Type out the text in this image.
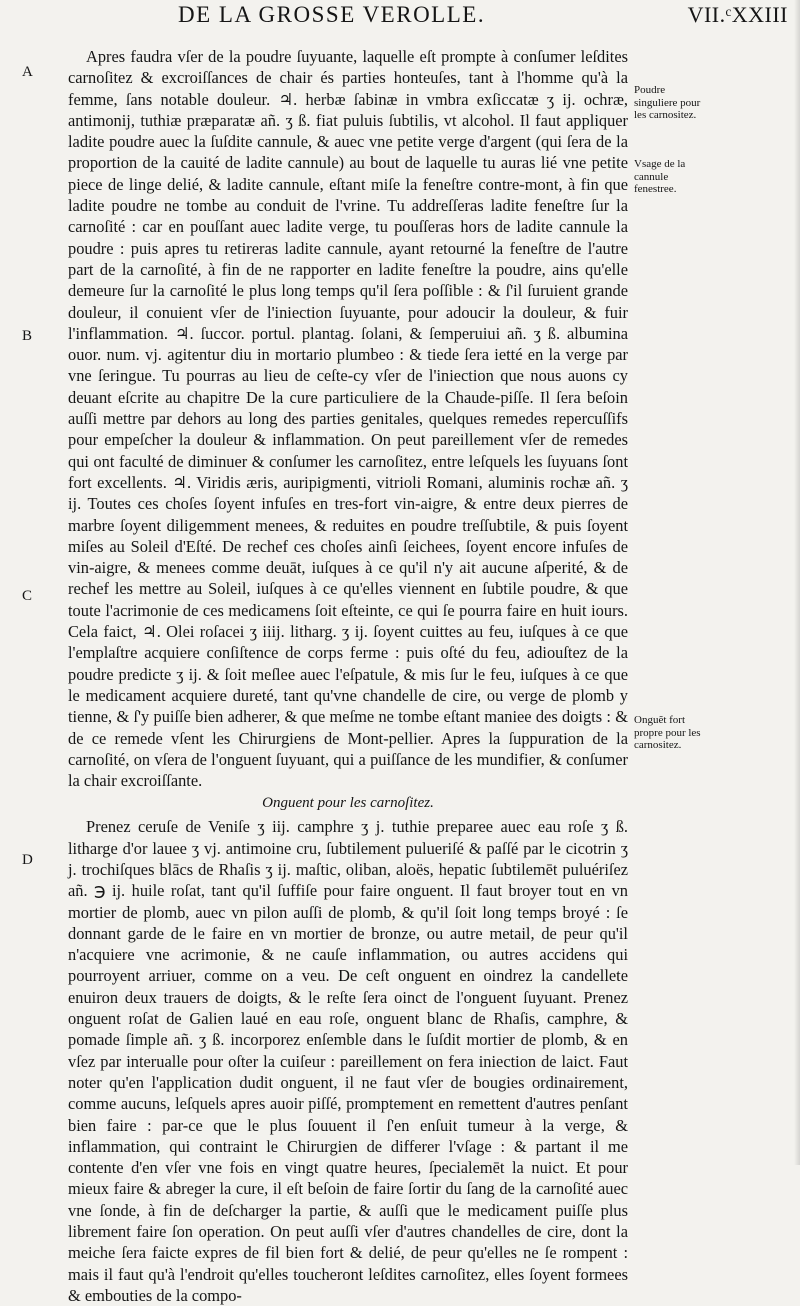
DE LA GROSSE VEROLLE.	VII.ᶜXXIII
A
B
C
D
Poudre singuliere pour les carnositez.
Vsage de la cannule fenestree.
Onguẽt fort propre pour les carnositez.

Apres faudra vſer de la poudre ſuyuante, laquelle eſt prompte à conſumer leſdites carnoſitez & excroiſſances de chair és parties honteuſes, tant à l'homme qu'à la femme, ſans notable douleur. ♃. herbæ ſabinæ in vmbra exſiccatæ ʒ ij. ochræ, antimonij, tuthiæ præparatæ añ. ʒ ß. fiat puluis ſubtilis, vt alcohol. Il faut appliquer ladite poudre auec la ſuſdite cannule, & auec vne petite verge d'argent (qui ſera de la proportion de la cauité de ladite cannule) au bout de laquelle tu auras lié vne petite piece de linge delié, & ladite cannule, eſtant miſe la feneſtre contre-mont, à fin que ladite poudre ne tombe au conduit de l'vrine. Tu addreſſeras ladite feneſtre ſur la carnoſité : car en pouſſant auec ladite verge, tu pouſſeras hors de ladite cannule la poudre : puis apres tu retireras ladite cannule, ayant retourné la feneſtre de l'autre part de la carnoſité, à fin de ne rapporter en ladite feneſtre la poudre, ains qu'elle demeure ſur la carnoſité le plus long temps qu'il ſera poſſible : & ſ'il ſuruient grande douleur, il conuient vſer de l'iniection ſuyuante, pour adoucir la douleur, & fuir l'inflammation. ♃. ſuccor. portul. plantag. ſolani, & ſemperuiui añ. ʒ ß. albumina ouor. num. vj. agitentur diu in mortario plumbeo : & tiede ſera ietté en la verge par vne ſeringue. Tu pourras au lieu de ceſte-cy vſer de l'iniection que nous auons cy deuant eſcrite au chapitre De la cure particuliere de la Chaude-piſſe. Il ſera beſoin auſſi mettre par dehors au long des parties genitales, quelques remedes repercuſſifs pour empeſcher la douleur & inflammation. On peut pareillement vſer de remedes qui ont faculté de diminuer & conſumer les carnoſitez, entre leſquels les ſuyuans ſont fort excellents. ♃. Viridis æris, auripigmenti, vitrioli Romani, aluminis rochæ añ. ʒ ij. Toutes ces choſes ſoyent infuſes en tres-fort vin-aigre, & entre deux pierres de marbre ſoyent diligemment menees, & reduites en poudre treſſubtile, & puis ſoyent miſes au Soleil d'Eſté. De rechef ces choſes ainſi ſeichees, ſoyent encore infuſes de vin-aigre, & menees comme deuāt, iuſques à ce qu'il n'y ait aucune aſperité, & de rechef les mettre au Soleil, iuſques à ce qu'elles viennent en ſubtile poudre, & que toute l'acrimonie de ces medicamens ſoit eſteinte, ce qui ſe pourra faire en huit iours. Cela faict, ♃. Olei roſacei ʒ iiij. litharg. ʒ ij. ſoyent cuittes au feu, iuſques à ce que l'emplaſtre acquiere conſiſtence de corps ferme : puis oſté du feu, adiouſtez de la poudre predicte ʒ ij. & ſoit meſlee auec l'eſpatule, & mis ſur le feu, iuſques à ce que le medicament acquiere dureté, tant qu'vne chandelle de cire, ou verge de plomb y tienne, & ſ'y puiſſe bien adherer, & que meſme ne tombe eſtant maniee des doigts : & de ce remede vſent les Chirurgiens de Mont-pellier. Apres la ſuppuration de la carnoſité, on vſera de l'onguent ſuyuant, qui a puiſſance de les mundifier, & conſumer la chair excroiſſante.

Onguent pour les carnoſitez.

Prenez ceruſe de Veniſe ʒ iij. camphre ʒ j. tuthie preparee auec eau roſe ʒ ß. litharge d'or lauee ʒ vj. antimoine cru, ſubtilement pulueriſé & paſſé par le cicotrin ʒ j. trochiſques blācs de Rhaſis ʒ ij. maſtic, oliban, aloës, hepatic ſubtilemēt puluériſez añ. ℈ ij. huile roſat, tant qu'il ſuffiſe pour faire onguent. Il faut broyer tout en vn mortier de plomb, auec vn pilon auſſi de plomb, & qu'il ſoit long temps broyé : ſe donnant garde de le faire en vn mortier de bronze, ou autre metail, de peur qu'il n'acquiere vne acrimonie, & ne cauſe inflammation, ou autres accidens qui pourroyent arriuer, comme on a veu. De ceſt onguent en oindrez la candellete enuiron deux trauers de doigts, & le reſte ſera oinct de l'onguent ſuyuant. Prenez onguent roſat de Galien laué en eau roſe, onguent blanc de Rhaſis, camphre, & pomade ſimple añ. ʒ ß. incorporez enſemble dans le ſuſdit mortier de plomb, & en vſez par interualle pour oſter la cuiſeur : pareillement on fera iniection de laict. Faut noter qu'en l'application dudit onguent, il ne faut vſer de bougies ordinairement, comme aucuns, leſquels apres auoir piſſé, promptement en remettent d'autres penſant bien faire : par-ce que le plus ſouuent il ſ'en enſuit tumeur à la verge, & inflammation, qui contraint le Chirurgien de differer l'vſage : & partant il me contente d'en vſer vne fois en vingt quatre heures, ſpecialemēt la nuict. Et pour mieux faire & abreger la cure, il eſt beſoin de faire ſortir du ſang de la carnoſité auec vne ſonde, à fin de deſcharger la partie, & auſſi que le medicament puiſſe plus librement faire ſon operation. On peut auſſi vſer d'autres chandelles de cire, dont la meiche ſera faicte expres de fil bien fort & delié, de peur qu'elles ne ſe rompent : mais il faut qu'à l'endroit qu'elles toucheront leſdites carnoſitez, elles ſoyent formees & embouties de la compo-
